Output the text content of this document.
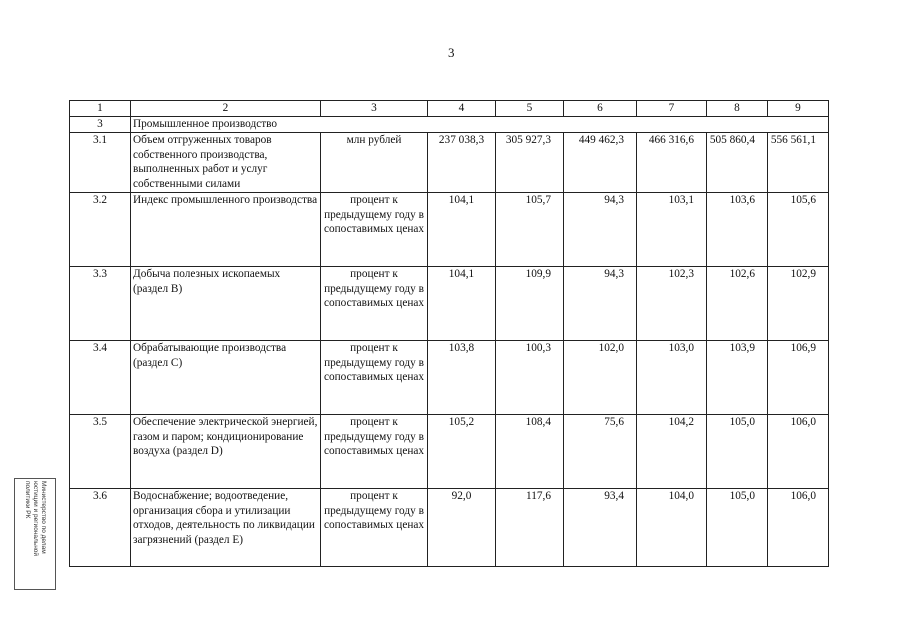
3
1	2	3	4	5	6	7	8	9
3	Промышленное производство							
3.1	Объем отгруженных товаров собственного производства, выполненных работ и услуг собственными силами	млн рублей	237 038,3	305 927,3	449 462,3	466 316,6	505 860,4	556 561,1
3.2	Индекс промышленного производства	процент к предыдущему году в сопоставимых ценах	104,1	105,7	94,3	103,1	103,6	105,6
3.3	Добыча полезных ископаемых (раздел B)	процент к предыдущему году в сопоставимых ценах	104,1	109,9	94,3	102,3	102,6	102,9
3.4	Обрабатывающие производства (раздел C)	процент к предыдущему году в сопоставимых ценах	103,8	100,3	102,0	103,0	103,9	106,9
3.5	Обеспечение электрической энергией, газом и паром; кондиционирование воздуха (раздел D)	процент к предыдущему году в сопоставимых ценах	105,2	108,4	75,6	104,2	105,0	106,0
3.6	Водоснабжение; водоотведение, организация сбора и утилизации отходов, деятельность по ликвидации загрязнений (раздел E)	процент к предыдущему году в сопоставимых ценах	92,0	117,6	93,4	104,0	105,0	106,0
Министерство по делам
юстиции и региональной
политики РК
